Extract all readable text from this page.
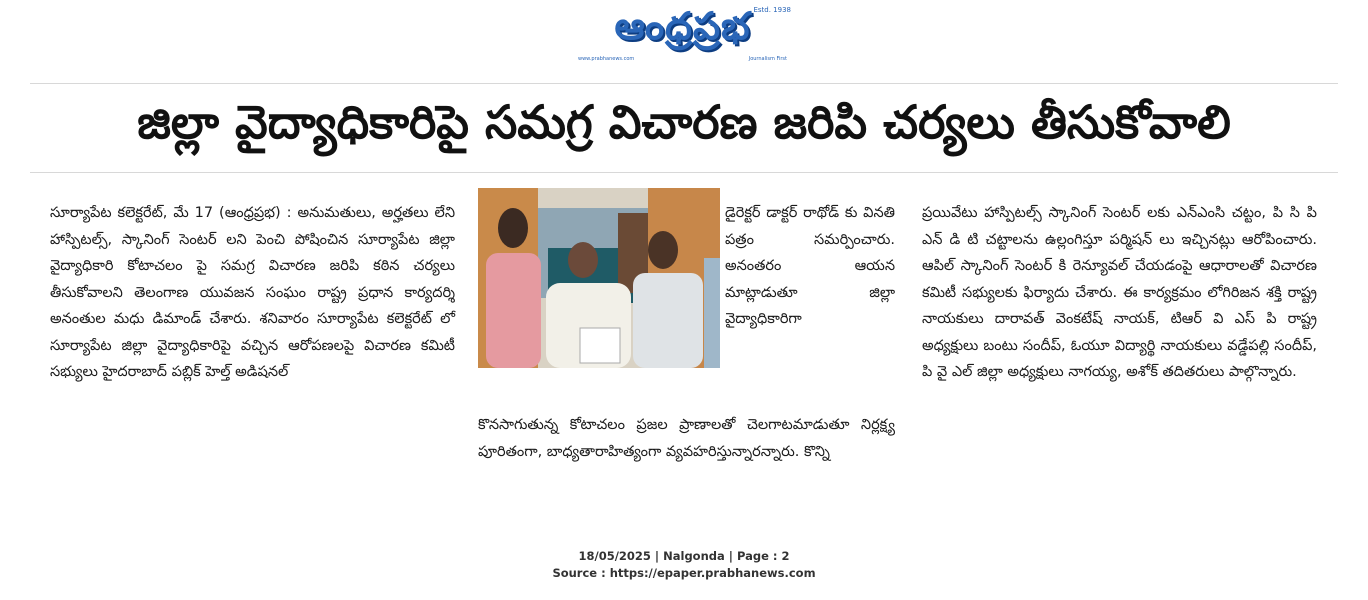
ఆంధ్రప్రభ Estd. 1938
www.prabhanews.com	Journalism First
జిల్లా వైద్యాధికారిపై సమగ్ర విచారణ జరిపి చర్యలు తీసుకోవాలి

సూర్యాపేట కలెక్టరేట్, మే 17 (ఆంధ్రప్రభ) : అనుమతులు, అర్హతలు లేని హాస్పిటల్స్, స్కానింగ్ సెంటర్ లని పెంచి పోషించిన సూర్యాపేట జిల్లా వైద్యాధికారి కోటాచలం పై సమగ్ర విచారణ జరిపి కఠిన చర్యలు తీసుకోవాలని తెలంగాణ యువజన సంఘం రాష్ట్ర ప్రధాన కార్యదర్శి అనంతుల మధు డిమాండ్ చేశారు. శనివారం సూర్యాపేట కలెక్టరేట్ లో సూర్యాపేట జిల్లా వైద్యాధికారిపై వచ్చిన ఆరోపణలపై విచారణ కమిటీ సభ్యులు హైదరాబాద్ పబ్లిక్ హెల్త్ అడిషనల్

డైరెక్టర్ డాక్టర్ రాథోడ్ కు వినతి పత్రం సమర్పించారు. అనంతరం ఆయన మాట్లాడుతూ జిల్లా వైద్యాధికారిగా

కొనసాగుతున్న కోటాచలం ప్రజల ప్రాణాలతో చెలగాటమాడుతూ నిర్లక్ష్య పూరితంగా, బాధ్యతారాహిత్యంగా వ్యవహరిస్తున్నారన్నారు. కొన్ని

ప్రయివేటు హాస్పిటల్స్ స్కానింగ్ సెంటర్ లకు ఎన్ఎంసి చట్టం, పి సి పి ఎన్ డి టి చట్టాలను ఉల్లంగిస్తూ పర్మిషన్ లు ఇచ్చినట్లు ఆరోపించారు. ఆపిల్ స్కానింగ్ సెంటర్ కి రెన్యూవల్ చేయడంపై ఆధారాలతో విచారణ కమిటీ సభ్యులకు ఫిర్యాదు చేశారు. ఈ కార్యక్రమం లోగిరిజన శక్తి రాష్ట్ర నాయకులు దారావత్ వెంకటేష్ నాయక్, టిఆర్ వి ఎస్ పి రాష్ట్ర అధ్యక్షులు బంటు సందీప్, ఓయూ విద్యార్థి నాయకులు వడ్డేపల్లి సందీప్, పి వై ఎల్ జిల్లా అధ్యక్షులు నాగయ్య, అశోక్ తదితరులు పాల్గొన్నారు.

18/05/2025 | Nalgonda | Page : 2
Source : https://epaper.prabhanews.com
